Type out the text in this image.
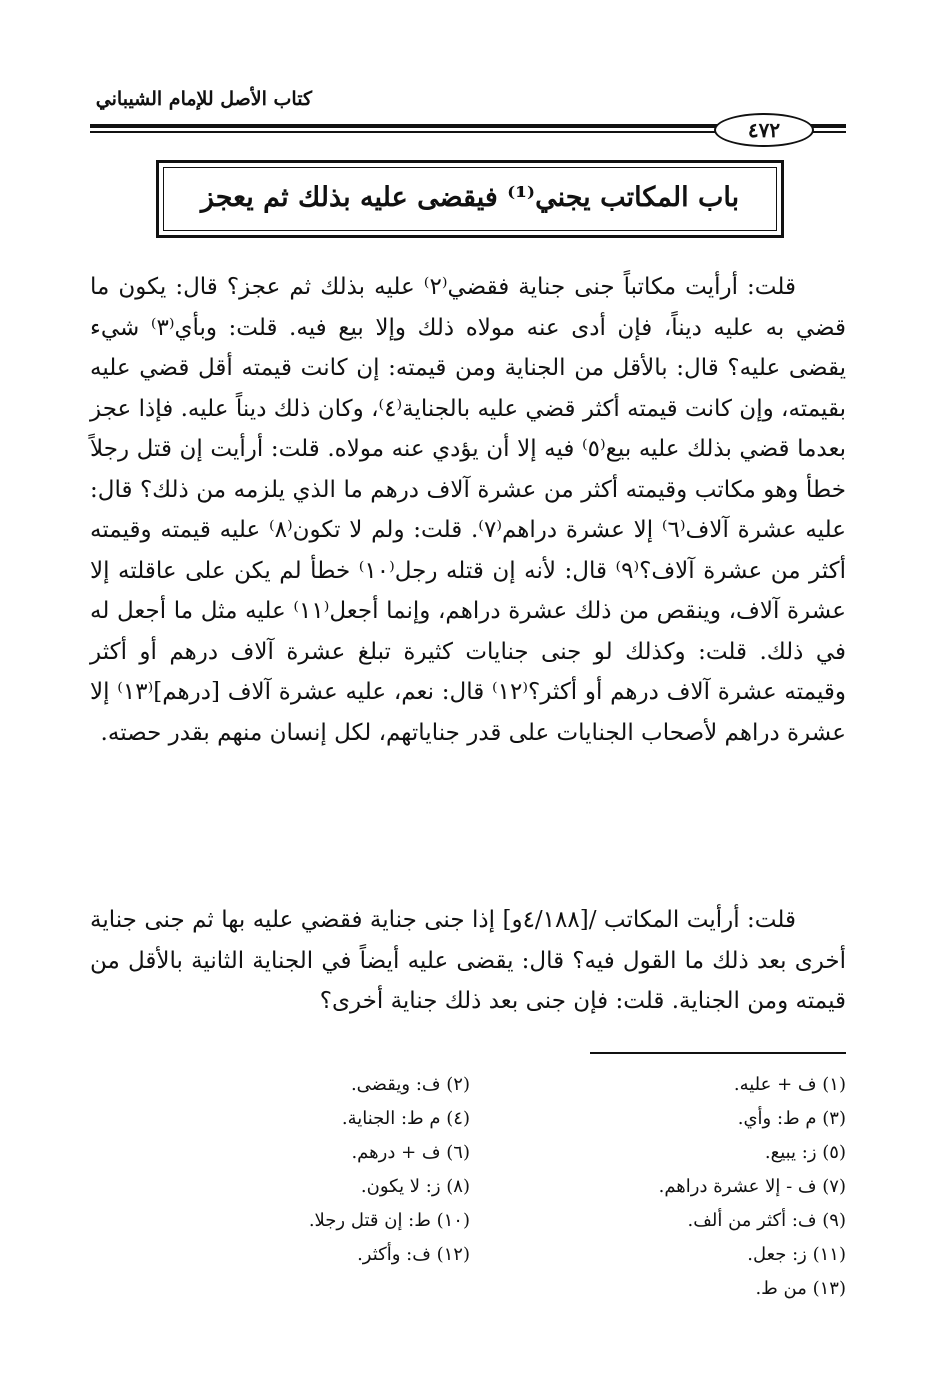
كتاب الأصل للإمام الشيباني
٤٧٢
باب المكاتب يجني⁽¹⁾ فيقضى عليه بذلك ثم يعجز

قلت: أرأيت مكاتباً جنى جناية فقضي⁽٢⁾ عليه بذلك ثم عجز؟ قال: يكون ما قضي به عليه ديناً، فإن أدى عنه مولاه ذلك وإلا بيع فيه. قلت: وبأي⁽٣⁾ شيء يقضى عليه؟ قال: بالأقل من الجناية ومن قيمته: إن كانت قيمته أقل قضي عليه بقيمته، وإن كانت قيمته أكثر قضي عليه بالجناية⁽٤⁾، وكان ذلك ديناً عليه. فإذا عجز بعدما قضي بذلك عليه بيع⁽٥⁾ فيه إلا أن يؤدي عنه مولاه. قلت: أرأيت إن قتل رجلاً خطأ وهو مكاتب وقيمته أكثر من عشرة آلاف درهم ما الذي يلزمه من ذلك؟ قال: عليه عشرة آلاف⁽٦⁾ إلا عشرة دراهم⁽٧⁾. قلت: ولم لا تكون⁽٨⁾ عليه قيمته وقيمته أكثر من عشرة آلاف؟⁽٩⁾ قال: لأنه إن قتله رجل⁽١٠⁾ خطأ لم يكن على عاقلته إلا عشرة آلاف، وينقص من ذلك عشرة دراهم، وإنما أجعل⁽١١⁾ عليه مثل ما أجعل له في ذلك. قلت: وكذلك لو جنى جنايات كثيرة تبلغ عشرة آلاف درهم أو أكثر وقيمته عشرة آلاف درهم أو أكثر؟⁽١٢⁾ قال: نعم، عليه عشرة آلاف [درهم]⁽١٣⁾ إلا عشرة دراهم لأصحاب الجنايات على قدر جناياتهم، لكل إنسان منهم بقدر حصته.

قلت: أرأيت المكاتب /[٤/١٨٨و] إذا جنى جناية فقضي عليه بها ثم جنى جناية أخرى بعد ذلك ما القول فيه؟ قال: يقضى عليه أيضاً في الجناية الثانية بالأقل من قيمته ومن الجناية. قلت: فإن جنى بعد ذلك جناية أخرى؟

(١) ف + عليه.
(٣) م ط: وأي.
(٥) ز: يبيع.
(٧) ف - إلا عشرة دراهم.
(٩) ف: أكثر من ألف.
(١١) ز: جعل.
(١٣) من ط.
(٢) ف: ويقضى.
(٤) م ط: الجناية.
(٦) ف + درهم.
(٨) ز: لا يكون.
(١٠) ط: إن قتل رجلا.
(١٢) ف: وأكثر.
